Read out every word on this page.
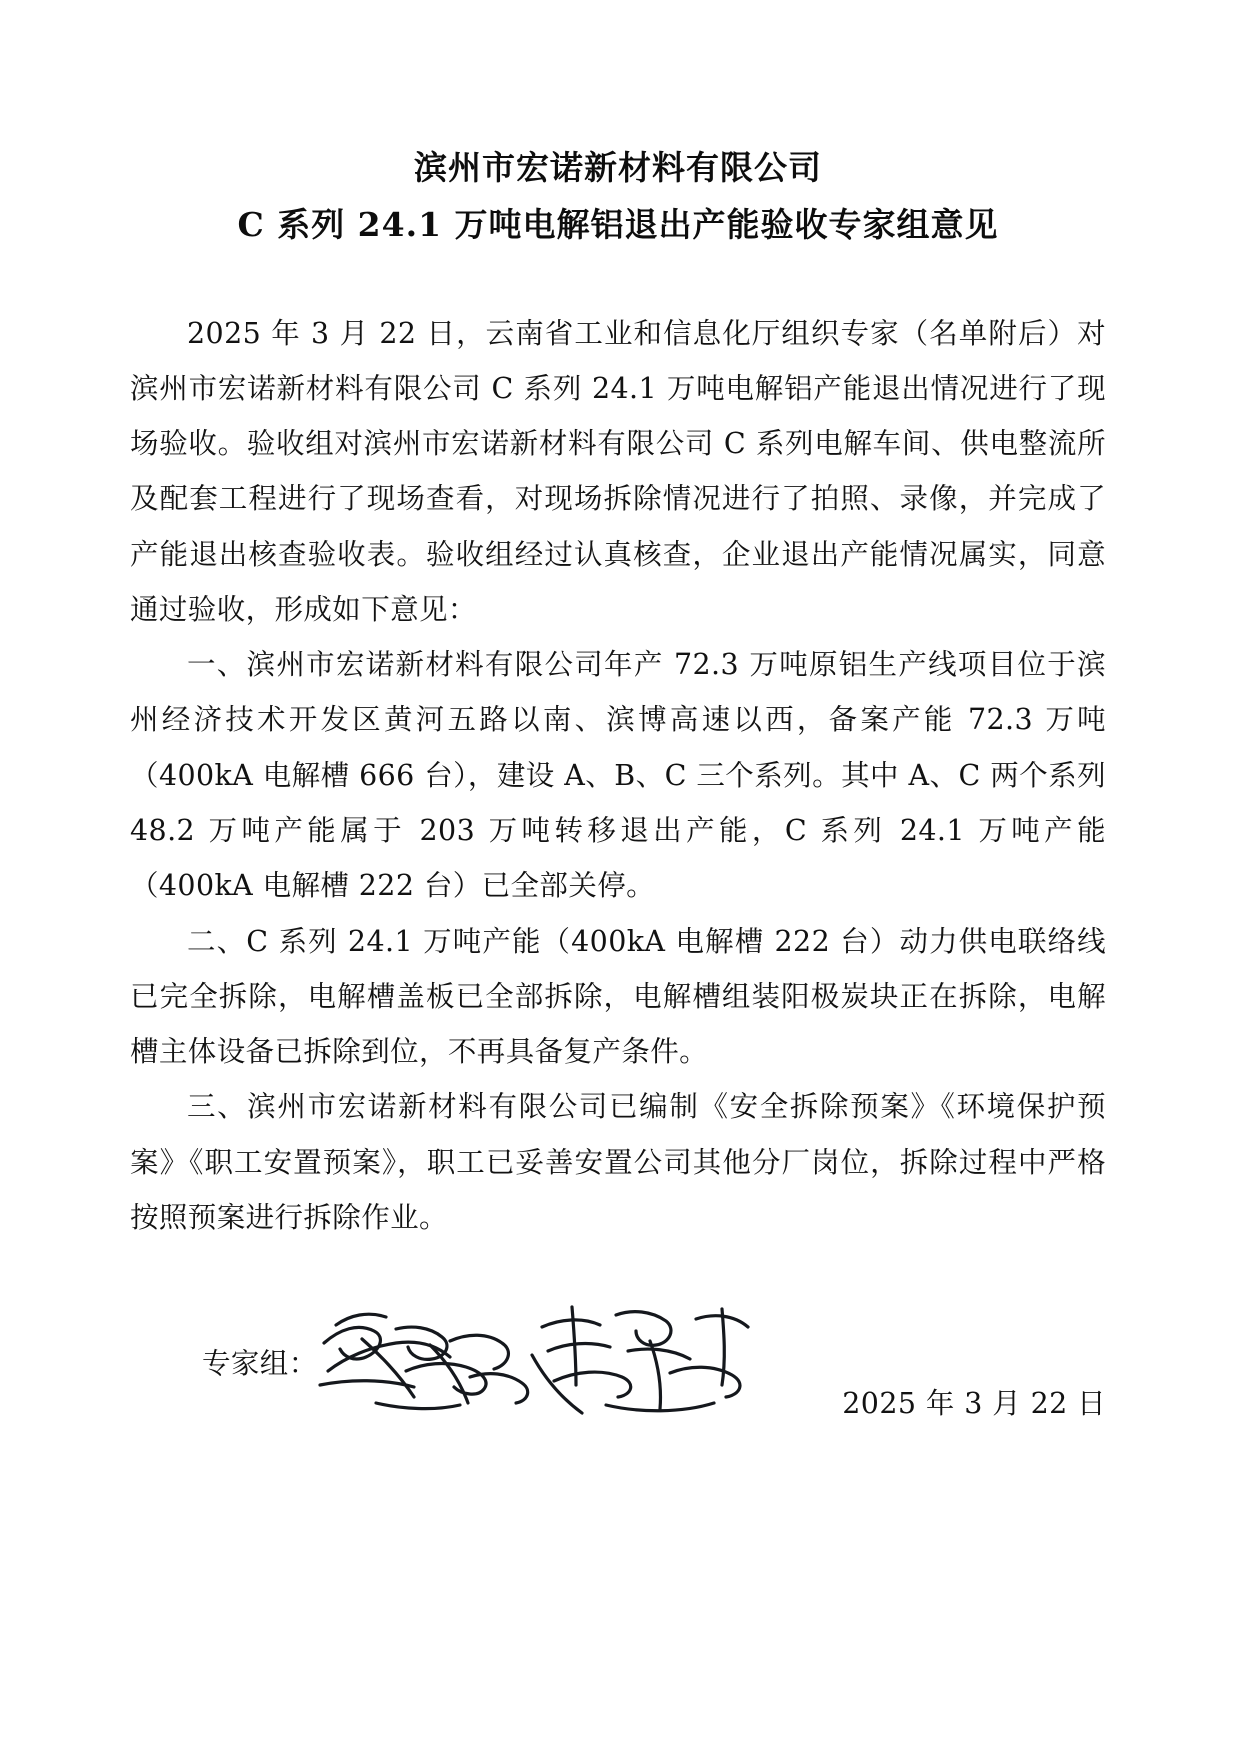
滨州市宏诺新材料有限公司
C 系列 24.1 万吨电解铝退出产能验收专家组意见

2025 年 3 月 22 日，云南省工业和信息化厅组织专家（名单附后）对滨州市宏诺新材料有限公司 C 系列 24.1 万吨电解铝产能退出情况进行了现场验收。验收组对滨州市宏诺新材料有限公司 C 系列电解车间、供电整流所及配套工程进行了现场查看，对现场拆除情况进行了拍照、录像，并完成了产能退出核查验收表。验收组经过认真核查，企业退出产能情况属实，同意通过验收，形成如下意见：

一、滨州市宏诺新材料有限公司年产 72.3 万吨原铝生产线项目位于滨州经济技术开发区黄河五路以南、滨博高速以西，备案产能 72.3 万吨（400kA 电解槽 666 台），建设 A、B、C 三个系列。其中 A、C 两个系列 48.2 万吨产能属于 203 万吨转移退出产能，C 系列 24.1 万吨产能（400kA 电解槽 222 台）已全部关停。

二、C 系列 24.1 万吨产能（400kA 电解槽 222 台）动力供电联络线已完全拆除，电解槽盖板已全部拆除，电解槽组装阳极炭块正在拆除，电解槽主体设备已拆除到位，不再具备复产条件。

三、滨州市宏诺新材料有限公司已编制《安全拆除预案》《环境保护预案》《职工安置预案》，职工已妥善安置公司其他分厂岗位，拆除过程中严格按照预案进行拆除作业。

专家组：
2025 年 3 月 22 日
